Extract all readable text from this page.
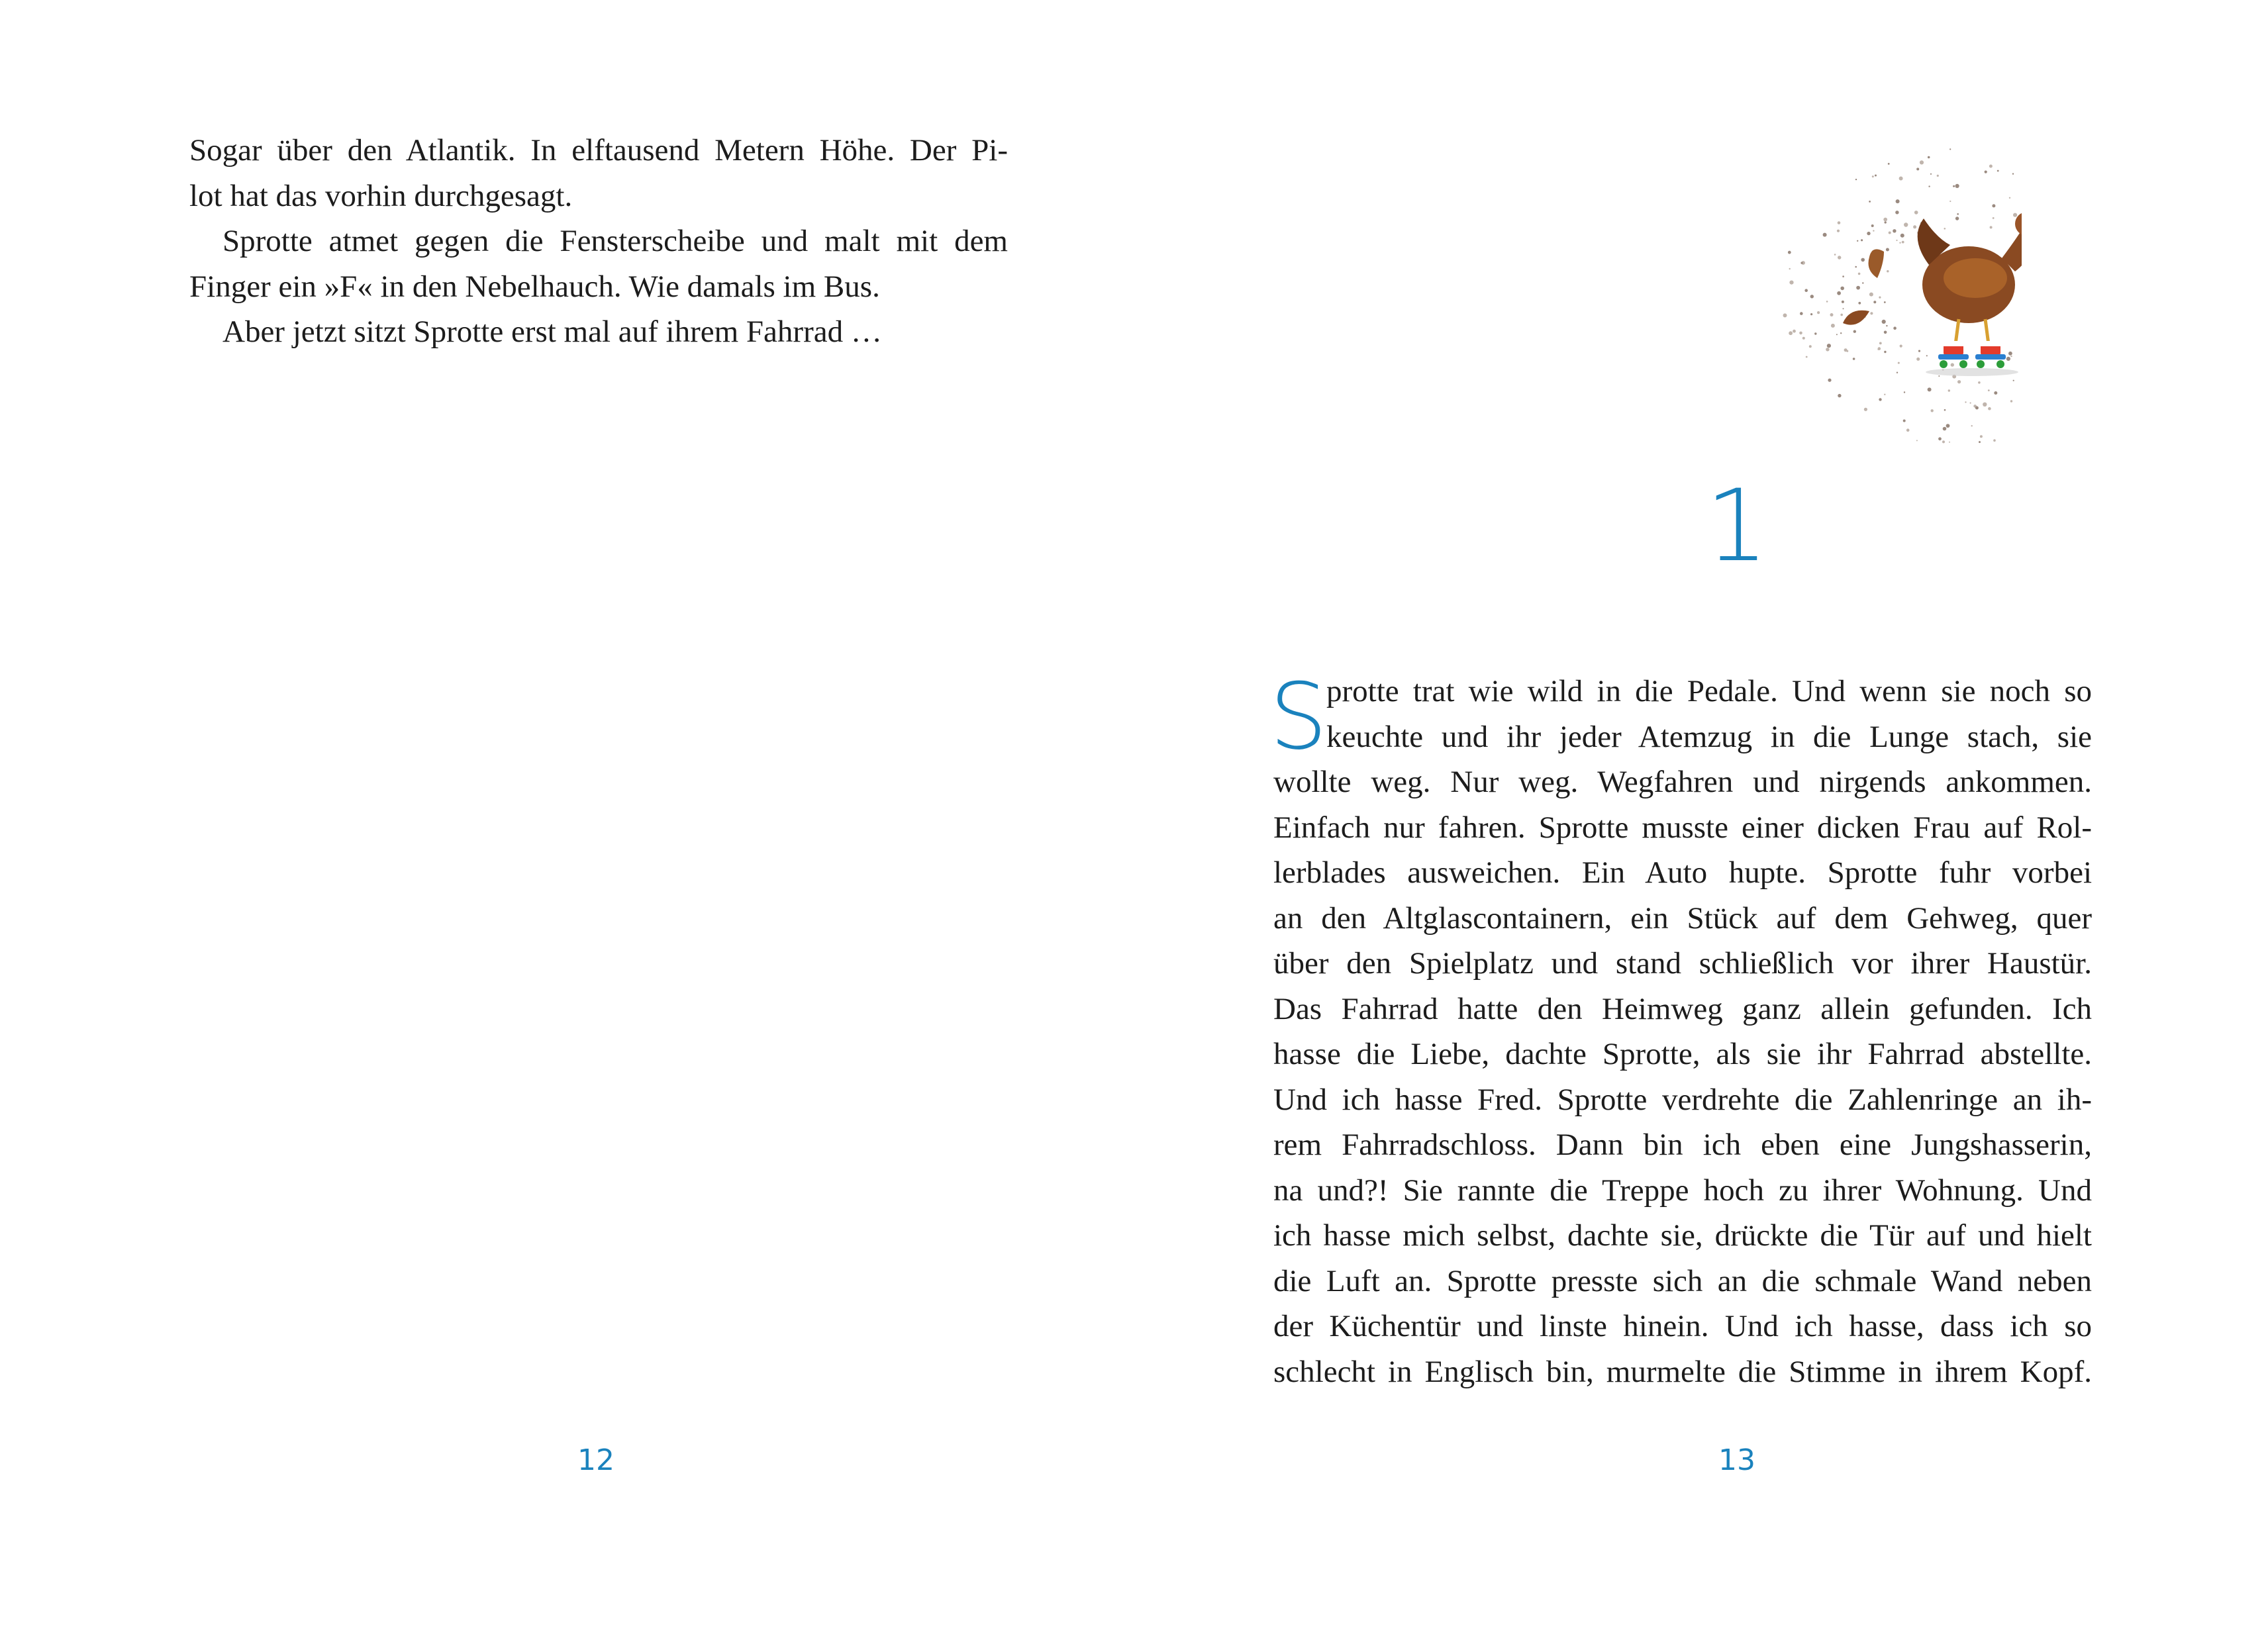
Sogar über den Atlantik. In elftausend Metern Höhe. Der Pi-
lot hat das vorhin durchgesagt.

Sprotte atmet gegen die Fensterscheibe und malt mit dem
Finger ein »F« in den Nebelhauch. Wie damals im Bus.

Aber jetzt sitzt Sprotte erst mal auf ihrem Fahrrad …

12
1
S
protte trat wie wild in die Pedale. Und wenn sie noch so
keuchte und ihr jeder Atemzug in die Lunge stach, sie
wollte weg. Nur weg. Wegfahren und nirgends ankommen.
Einfach nur fahren. Sprotte musste einer dicken Frau auf Rol-
lerblades ausweichen. Ein Auto hupte. Sprotte fuhr vorbei
an den Altglascontainern, ein Stück auf dem Gehweg, quer
über den Spielplatz und stand schließlich vor ihrer Haustür.
Das Fahrrad hatte den Heimweg ganz allein gefunden. Ich
hasse die Liebe, dachte Sprotte, als sie ihr Fahrrad abstellte.
Und ich hasse Fred. Sprotte verdrehte die Zahlenringe an ih-
rem Fahrradschloss. Dann bin ich eben eine Jungshasserin,
na und?! Sie rannte die Treppe hoch zu ihrer Wohnung. Und
ich hasse mich selbst, dachte sie, drückte die Tür auf und hielt
die Luft an. Sprotte presste sich an die schmale Wand neben
der Küchentür und linste hinein. Und ich hasse, dass ich so
schlecht in Englisch bin, murmelte die Stimme in ihrem Kopf.
13
